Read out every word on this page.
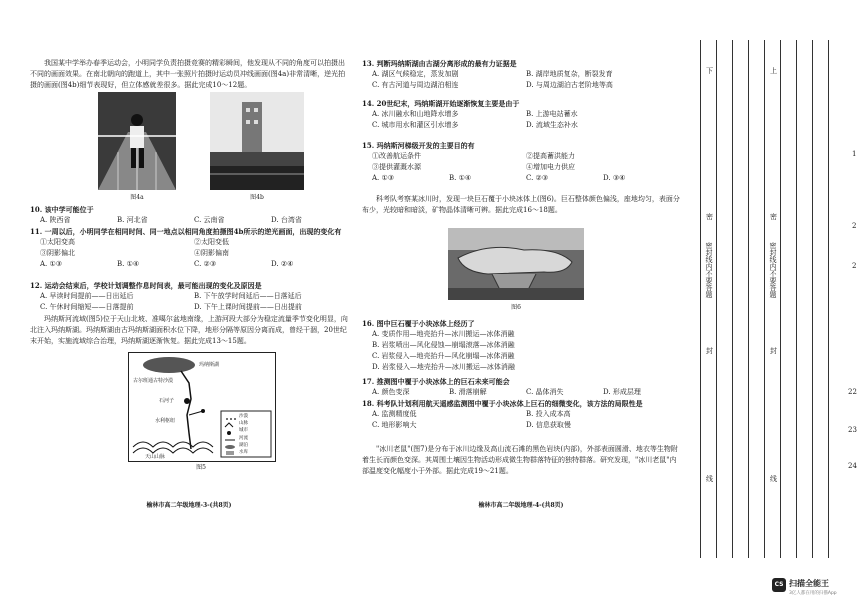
我国某中学举办春季运动会，小明同学负责拍摄竞赛的精彩瞬间，他发现从不同的角度可以拍摄出不同的画面效果。在南北朝向的跑道上，其中一张照片拍摄时运动员冲线画面(图4a)非常清晰，逆光拍摄的画面(图4b)细节表现好，但立体感就差很多。据此完成10～12题。

图4a	图4b

10. 该中学可能位于

A. 陕西省	B. 河北省	C. 云南省	D. 台湾省

11. 一周以后，小明同学在相同时间、同一地点以相同角度拍摄图4b所示的逆光画面，出现的变化有

①太阳变高	②太阳变低
③阴影偏北	④阴影偏南
A. ①③	B. ①④	C. ②③	D. ②④

12. 运动会结束后，学校计划调整作息时间表，最可能出现的变化及原因是

A. 早读时间提前——日出延后	B. 下午放学时间延后——日落延后
C. 午休时间缩短——日落提前	D. 下午上课时间提前——日出提前

玛纳斯河流域(图5)位于天山北坡、准噶尔盆地南缘，上游河段大部分为稳定流量季节变化明显，向北注入玛纳斯湖。玛纳斯湖由古玛纳斯湖面积水位下降，地形分隔等原因分离而成，曾经干涸，20世纪末开始，实施流域综合治理，玛纳斯湖逐渐恢复。据此完成13～15题。

玛纳斯湖
石河子
水利枢纽
天山山脉
古尔班通古特沙漠
沙漠
山脉
城市
河流
湖泊
水库
图5
榆林市高二年级地理-3-(共8页)

13. 判断玛纳斯湖由古湖分离形成的最有力证据是

A. 湖区气候稳定，蒸发加剧	B. 湖岸地质复杂，断裂发育
C. 有古河道与周边湖泊相连	D. 与周边湖泊古老阶地等高

14. 20世纪末，玛纳斯湖开始逐渐恢复主要是由于

A. 冰川融水和山地降水增多	B. 上游电站蓄水
C. 城市用水和灌区引水增多	D. 流域生态补水

15. 玛纳斯河梯级开发的主要目的有

①改善航运条件	②提高蓄洪能力
③提供灌溉水源	④增加电力供应
A. ①③	B. ①④	C. ②③	D. ③④

科考队考察某冰川时，发现一块巨石覆于小块冰体上(图6)。巨石整体颜色偏浅，座地均匀，表面分布少，光较暗和暗淡，矿物晶体清晰可辨。据此完成16～18题。

图6

16. 图中巨石覆于小块冰体上经历了

A. 变质作用—地壳抬升—冰川搬运—冰体消融
B. 岩浆喷出—风化侵蚀—崩塌滚落—冰体消融
C. 岩浆侵入—地壳抬升—风化崩塌—冰体消融
D. 岩浆侵入—地壳抬升—冰川搬运—冰体消融

17. 推测图中覆于小块冰体上的巨石未来可能会

A. 颜色变深	B. 滑落崩解	C. 晶体消失	D. 形成层理

18. 科考队计划利用航天遥感监测图中覆于小块冰体上巨石的细微变化，该方法的局限性是

A. 监测精度低	B. 投入成本高
C. 地形影响大	D. 信息获取慢

"冰川老鼠"(图7)是分布于冰川边缘及高山流石滩的黑色岩块(内部)，外部表面圆滑、地衣等生物附着生长而颜色变深。其周围土壤因生物活动形成微生物群落特征的独特群落。研究发现，"冰川老鼠"内部温度变化幅度小于外部。据此完成19～21题。

榆林市高二年级地理-4-(共8页)
下	上
密	密
密封线内不要答题	密封线内不要答题
封	封
线	线
1
2
2
22
23
24
CS 扫描全能王
3亿人都在用的扫描App
